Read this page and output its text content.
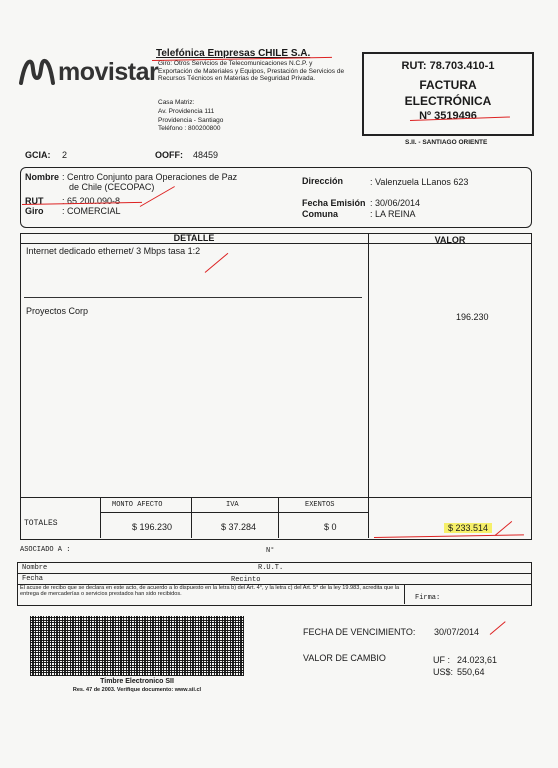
movistar
Telefónica Empresas CHILE S.A.
Giro: Otros Servicios de Telecomunicaciones N.C.P. y Exportación de Materiales y Equipos, Prestación de Servicios de Recursos Técnicos en Materias de Seguridad Privada.
Casa Matriz:
Av. Providencia 111
Providencia - Santiago
Teléfono : 800200800
RUT: 78.703.410-1
FACTURA
ELECTRÓNICA
Nº 3519496
S.II. - SANTIAGO ORIENTE
GCIA: 2	OOFF: 48459
Nombre : Centro Conjunto para Operaciones de Paz
de Chile (CECOPAC)
RUT : 65.200.090-8
Giro : COMERCIAL
Dirección	: Valenzuela LLanos 623
Fecha Emisión : 30/06/2014
Comuna	: LA REINA
DETALLE	VALOR
Internet dedicado ethernet/ 3 Mbps tasa 1:2
Proyectos Corp
196.230
MONTO AFECTO	IVA	EXENTOS
TOTALES	$ 196.230	$ 37.284	$ 0	$ 233.514
ASOCIADO A :	N°
Nombre	R.U.T.
Fecha	Recinto
El acuse de recibo que se declara en este acto, de acuerdo a lo dispuesto en la letra b) del Art. 4°, y la letra c) del Art. 5° de la ley 19.983, acredita que la entrega de mercaderías o servicios prestados han sido recibidos.	Firma:
Timbre Electronico SII
Res. 47 de 2003. Verifique documento: www.sii.cl
FECHA DE VENCIMIENTO: 30/07/2014
VALOR DE CAMBIO	UF : 24.023,61
US$: 550,64
